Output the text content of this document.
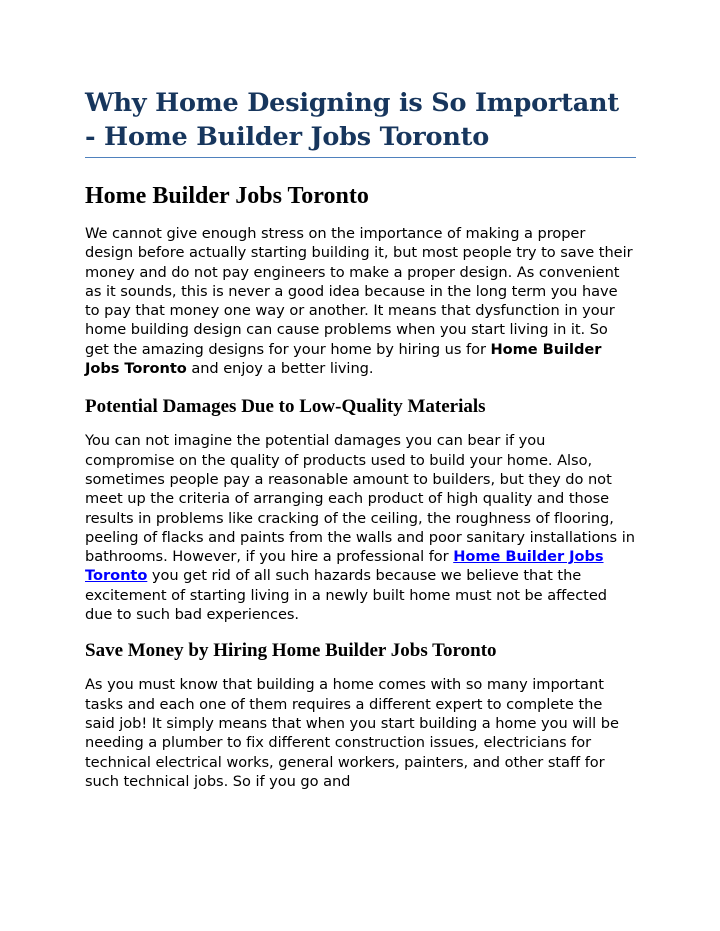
Why Home Designing is So Important - Home Builder Jobs Toronto
Home Builder Jobs Toronto

We cannot give enough stress on the importance of making a proper design before actually starting building it, but most people try to save their money and do not pay engineers to make a proper design. As convenient as it sounds, this is never a good idea because in the long term you have to pay that money one way or another. It means that dysfunction in your home building design can cause problems when you start living in it. So get the amazing designs for your home by hiring us for Home Builder Jobs Toronto and enjoy a better living.

Potential Damages Due to Low-Quality Materials

You can not imagine the potential damages you can bear if you compromise on the quality of products used to build your home. Also, sometimes people pay a reasonable amount to builders, but they do not meet up the criteria of arranging each product of high quality and those results in problems like cracking of the ceiling, the roughness of flooring, peeling of flacks and paints from the walls and poor sanitary installations in bathrooms. However, if you hire a professional for Home Builder Jobs Toronto you get rid of all such hazards because we believe that the excitement of starting living in a newly built home must not be affected due to such bad experiences.

Save Money by Hiring Home Builder Jobs Toronto

As you must know that building a home comes with so many important tasks and each one of them requires a different expert to complete the said job! It simply means that when you start building a home you will be needing a plumber to fix different construction issues, electricians for technical electrical works, general workers, painters, and other staff for such technical jobs. So if you go and
